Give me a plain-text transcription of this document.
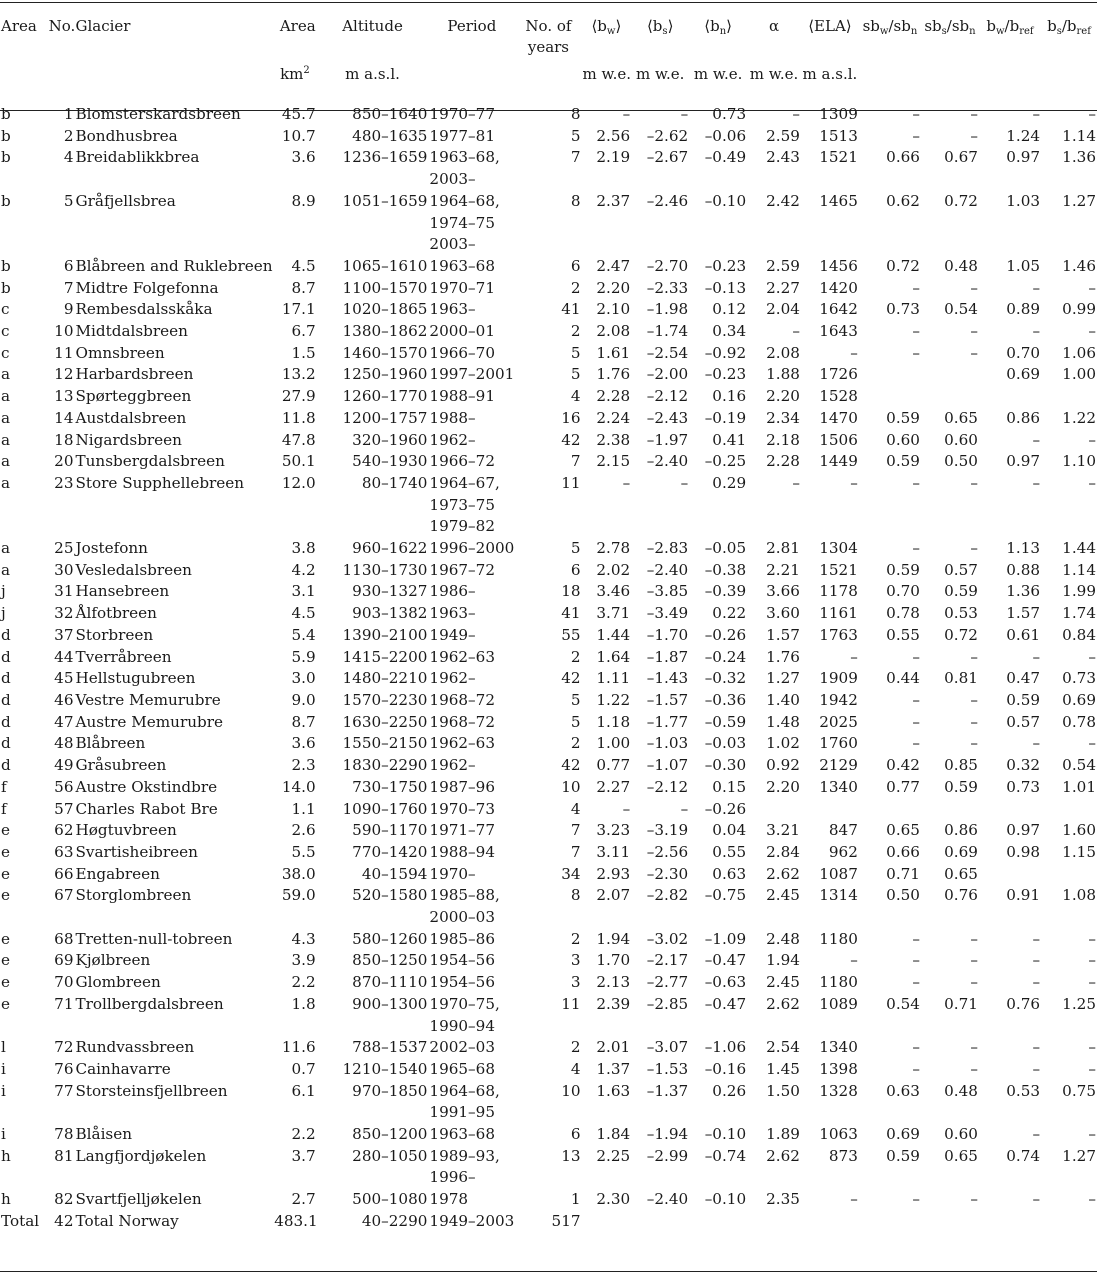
Area	No.	Glacier	Area	Altitude	Period	No. of
years	$⟨b_w⟩$	$⟨b_s⟩$	$⟨b_n⟩$	α	⟨ELA⟩	$sb_w/sb_n$	$sb_s/sb_n$	$b_w/b_{ref}$	$b_s/b_{ref}$
			$km^2$	m a.s.l.			m w.e.	m w.e.	m w.e.	m w.e.	m a.s.l.				
b	1	Blomsterskardsbreen	45.7	850–1640	1970–77	8	–	–	0.73	–	1309	–	–	–	–
b	2	Bondhusbrea	10.7	480–1635	1977–81	5	2.56	–2.62	–0.06	2.59	1513	–	–	1.24	1.14
b	4	Breidablikkbrea	3.6	1236–1659	1963–68,
2003–	7	2.19	–2.67	–0.49	2.43	1521	0.66	0.67	0.97	1.36
b	5	Gråfjellsbrea	8.9	1051–1659	1964–68,
1974–75
2003–	8	2.37	–2.46	–0.10	2.42	1465	0.62	0.72	1.03	1.27
b	6	Blåbreen and Ruklebreen	4.5	1065–1610	1963–68	6	2.47	–2.70	–0.23	2.59	1456	0.72	0.48	1.05	1.46
b	7	Midtre Folgefonna	8.7	1100–1570	1970–71	2	2.20	–2.33	–0.13	2.27	1420	–	–	–	–
c	9	Rembesdalsskåka	17.1	1020–1865	1963–	41	2.10	–1.98	0.12	2.04	1642	0.73	0.54	0.89	0.99
c	10	Midtdalsbreen	6.7	1380–1862	2000–01	2	2.08	–1.74	0.34	–	1643	–	–	–	–
c	11	Omnsbreen	1.5	1460–1570	1966–70	5	1.61	–2.54	–0.92	2.08	–	–	–	0.70	1.06
a	12	Harbardsbreen	13.2	1250–1960	1997–2001	5	1.76	–2.00	–0.23	1.88	1726			0.69	1.00
a	13	Spørteggbreen	27.9	1260–1770	1988–91	4	2.28	–2.12	0.16	2.20	1528				
a	14	Austdalsbreen	11.8	1200–1757	1988–	16	2.24	–2.43	–0.19	2.34	1470	0.59	0.65	0.86	1.22
a	18	Nigardsbreen	47.8	320–1960	1962–	42	2.38	–1.97	0.41	2.18	1506	0.60	0.60	–	–
a	20	Tunsbergdalsbreen	50.1	540–1930	1966–72	7	2.15	–2.40	–0.25	2.28	1449	0.59	0.50	0.97	1.10
a	23	Store Supphellebreen	12.0	80–1740	1964–67,
1973–75
1979–82	11	–	–	0.29	–	–	–	–	–	–
a	25	Jostefonn	3.8	960–1622	1996–2000	5	2.78	–2.83	–0.05	2.81	1304	–	–	1.13	1.44
a	30	Vesledalsbreen	4.2	1130–1730	1967–72	6	2.02	–2.40	–0.38	2.21	1521	0.59	0.57	0.88	1.14
j	31	Hansebreen	3.1	930–1327	1986–	18	3.46	–3.85	–0.39	3.66	1178	0.70	0.59	1.36	1.99
j	32	Ålfotbreen	4.5	903–1382	1963–	41	3.71	–3.49	0.22	3.60	1161	0.78	0.53	1.57	1.74
d	37	Storbreen	5.4	1390–2100	1949–	55	1.44	–1.70	–0.26	1.57	1763	0.55	0.72	0.61	0.84
d	44	Tverråbreen	5.9	1415–2200	1962–63	2	1.64	–1.87	–0.24	1.76	–	–	–	–	–
d	45	Hellstugubreen	3.0	1480–2210	1962–	42	1.11	–1.43	–0.32	1.27	1909	0.44	0.81	0.47	0.73
d	46	Vestre Memurubre	9.0	1570–2230	1968–72	5	1.22	–1.57	–0.36	1.40	1942	–	–	0.59	0.69
d	47	Austre Memurubre	8.7	1630–2250	1968–72	5	1.18	–1.77	–0.59	1.48	2025	–	–	0.57	0.78
d	48	Blåbreen	3.6	1550–2150	1962–63	2	1.00	–1.03	–0.03	1.02	1760	–	–	–	–
d	49	Gråsubreen	2.3	1830–2290	1962–	42	0.77	–1.07	–0.30	0.92	2129	0.42	0.85	0.32	0.54
f	56	Austre Okstindbre	14.0	730–1750	1987–96	10	2.27	–2.12	0.15	2.20	1340	0.77	0.59	0.73	1.01
f	57	Charles Rabot Bre	1.1	1090–1760	1970–73	4	–	–	–0.26						
e	62	Høgtuvbreen	2.6	590–1170	1971–77	7	3.23	–3.19	0.04	3.21	847	0.65	0.86	0.97	1.60
e	63	Svartisheibreen	5.5	770–1420	1988–94	7	3.11	–2.56	0.55	2.84	962	0.66	0.69	0.98	1.15
e	66	Engabreen	38.0	40–1594	1970–	34	2.93	–2.30	0.63	2.62	1087	0.71	0.65		
e	67	Storglombreen	59.0	520–1580	1985–88,
2000–03	8	2.07	–2.82	–0.75	2.45	1314	0.50	0.76	0.91	1.08
e	68	Tretten-null-tobreen	4.3	580–1260	1985–86	2	1.94	–3.02	–1.09	2.48	1180	–	–	–	–
e	69	Kjølbreen	3.9	850–1250	1954–56	3	1.70	–2.17	–0.47	1.94	–	–	–	–	–
e	70	Glombreen	2.2	870–1110	1954–56	3	2.13	–2.77	–0.63	2.45	1180	–	–	–	–
e	71	Trollbergdalsbreen	1.8	900–1300	1970–75,
1990–94	11	2.39	–2.85	–0.47	2.62	1089	0.54	0.71	0.76	1.25
l	72	Rundvassbreen	11.6	788–1537	2002–03	2	2.01	–3.07	–1.06	2.54	1340	–	–	–	–
i	76	Cainhavarre	0.7	1210–1540	1965–68	4	1.37	–1.53	–0.16	1.45	1398	–	–	–	–
i	77	Storsteinsfjellbreen	6.1	970–1850	1964–68,
1991–95	10	1.63	–1.37	0.26	1.50	1328	0.63	0.48	0.53	0.75
i	78	Blåisen	2.2	850–1200	1963–68	6	1.84	–1.94	–0.10	1.89	1063	0.69	0.60	–	–
h	81	Langfjordjøkelen	3.7	280–1050	1989–93,
1996–	13	2.25	–2.99	–0.74	2.62	873	0.59	0.65	0.74	1.27
h	82	Svartfjelljøkelen	2.7	500–1080	1978	1	2.30	–2.40	–0.10	2.35	–	–	–	–	–
Total	42	Total Norway	483.1	40–2290	1949–2003	517									
